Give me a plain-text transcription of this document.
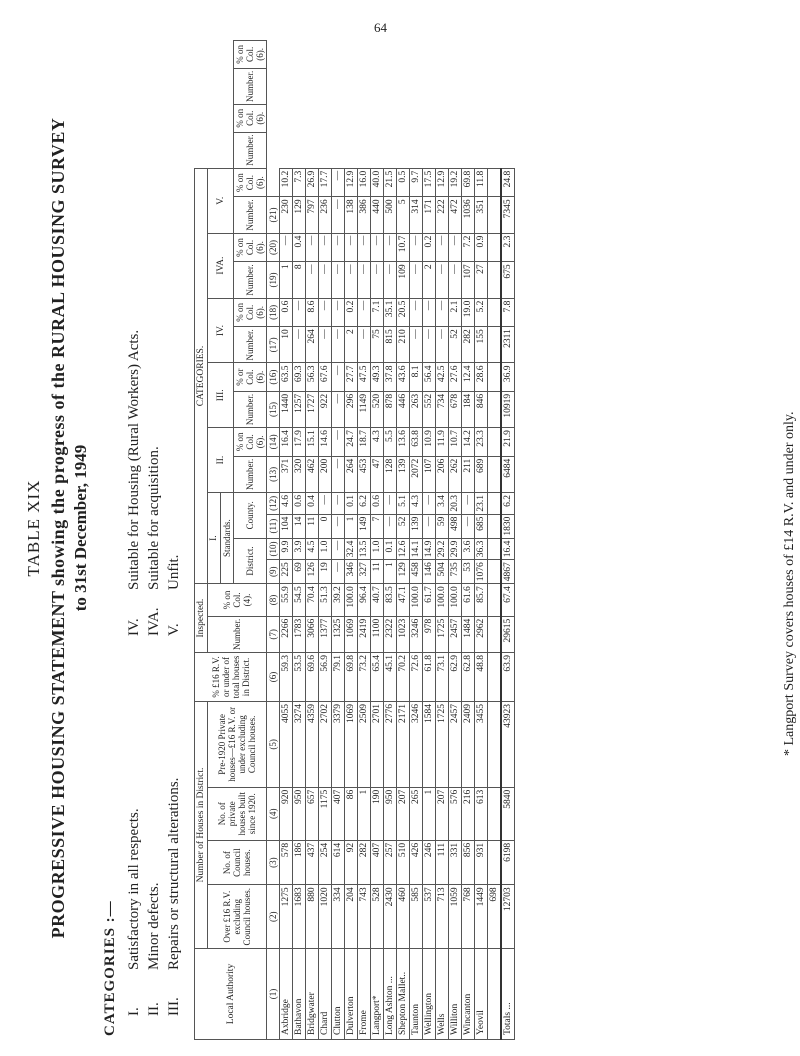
64
TABLE XIX PROGRESSIVE HOUSING STATEMENT showing the progress of the RURAL HOUSING SURVEY to 31st December, 1949
CATEGORIES :— I.Satisfactory in all respects.
II.Minor defects.
III.Repairs or structural alterations.
IV.Suitable for Housing (Rural Workers) Acts.
IVA.Suitable for acquisition.
V.Unfit.
Local Authority	Number of Houses in District.				% £16 R.V. or under of total houses in District.	Inspected.		CATEGORIES.																	
	Over £16 R.V. excluding Council houses.	No. of Council houses.	No. of private houses built since 1920.	Pre-1920 Private houses—£16 R.V. or under excluding Council houses.		Number.	% on Col. (4).	I.				II.		III.		IV.		IVA.		V.					
								Standards.																	
								District.		County.		Number.	% on Col. (6).	Number.	% or Col. (6).	Number.	% on Col. (6).	Number.	% on Col. (6).	Number.	% on Col. (6).	Number.	% on Col. (6).	Number.	% on Col. (6).
(1)	(2)	(3)	(4)	(5)	(6)	(7)	(8)	(9)	(10)	(11)	(12)	(13)	(14)	(15)	(16)	(17)	(18)	(19)	(20)	(21)					
Axbridge	1275	578	920	4055	59.3	2266	55.9	225	9.9	104	4.6	371	16.4	1440	63.5	10	0.6	1	—	230	10.2				
Bathavon	1683	186	950	3274	53.5	1783	54.5	69	3.9	14	0.6	320	17.9	1257	69.3	—	—	8	0.4	129	7.3				
Bridgwater	880	437	657	4359	69.6	3066	70.4	126	4.5	11	0.4	462	15.1	1727	56.3	264	8.6	—	—	797	26.9				
Chard	1020	254	1175	2702	56.9	1377	51.3	19	1.0	0	—	200	14.6	922	67.6	—	—	—	—	236	17.7				
Clutton	334	614	407	3379	79.1	1325	39.2	—	—	—	—	—	—	—	—	—	—	—	—	—	—				
Dulverton	204	92	86	1069	69.8	1069	100.0	346	32.4	1	0.1	264	24.7	296	27.7	2	0.2	—	—	138	12.9				
Frome	743	282	1	2509	73.2	2419	96.4	327	13.5	149	6.2	453	18.7	1149	47.5	—	—	—	—	386	16.0				
Langport*	528	407	190	2701	65.4	1100	40.7	11	1.0	7	0.6	47	4.3	520	49.3	75	7.1	—	—	440	40.0				
Long Ashton ...	2430	257	950	2776	45.1	2322	83.5	1	0.1	—	—	128	5.5	878	37.8	815	35.1	—	—	500	21.5				
Shepton Mallet..	460	510	207	2171	70.2	1023	47.1	129	12.6	52	5.1	139	13.6	446	43.6	210	20.5	109	10.7	5	0.5				
Taunton	585	426	265	3246	72.6	3246	100.0	458	14.1	139	4.3	2072	63.8	263	8.1	—	—	—	—	314	9.7				
Wellington	537	246	1	1584	61.8	978	61.7	146	14.9	—	—	107	10.9	552	56.4	—	—	2	0.2	171	17.5				
Wells	713	111	207	1725	73.1	1725	100.0	504	29.2	59	3.4	206	11.9	734	42.5	—	—	—	—	222	12.9				
Williton	1059	331	576	2457	62.9	2457	100.0	735	29.9	498	20.3	262	10.7	678	27.6	52	2.1	—	—	472	19.2				
Wincanton	768	856	216	2409	62.8	1484	61.6	53	3.6	—	—	211	14.2	184	12.4	282	19.0	107	7.2	1036	69.8				
Yeovil	1449	931	613	3455	48.8	2962	85.7	1076	36.3	685	23.1	689	23.3	846	28.6	155	5.2	27	0.9	351	11.8				
	698																								
Totals ...	12703	6198	5840	43923	63.9	29615	67.4	4867	16.4	1830	6.2	6484	21.9	10919	36.9	2311	7.8	675	2.3	7345	24.8				
* Langport Survey covers houses of £14 R.V. and under only.
